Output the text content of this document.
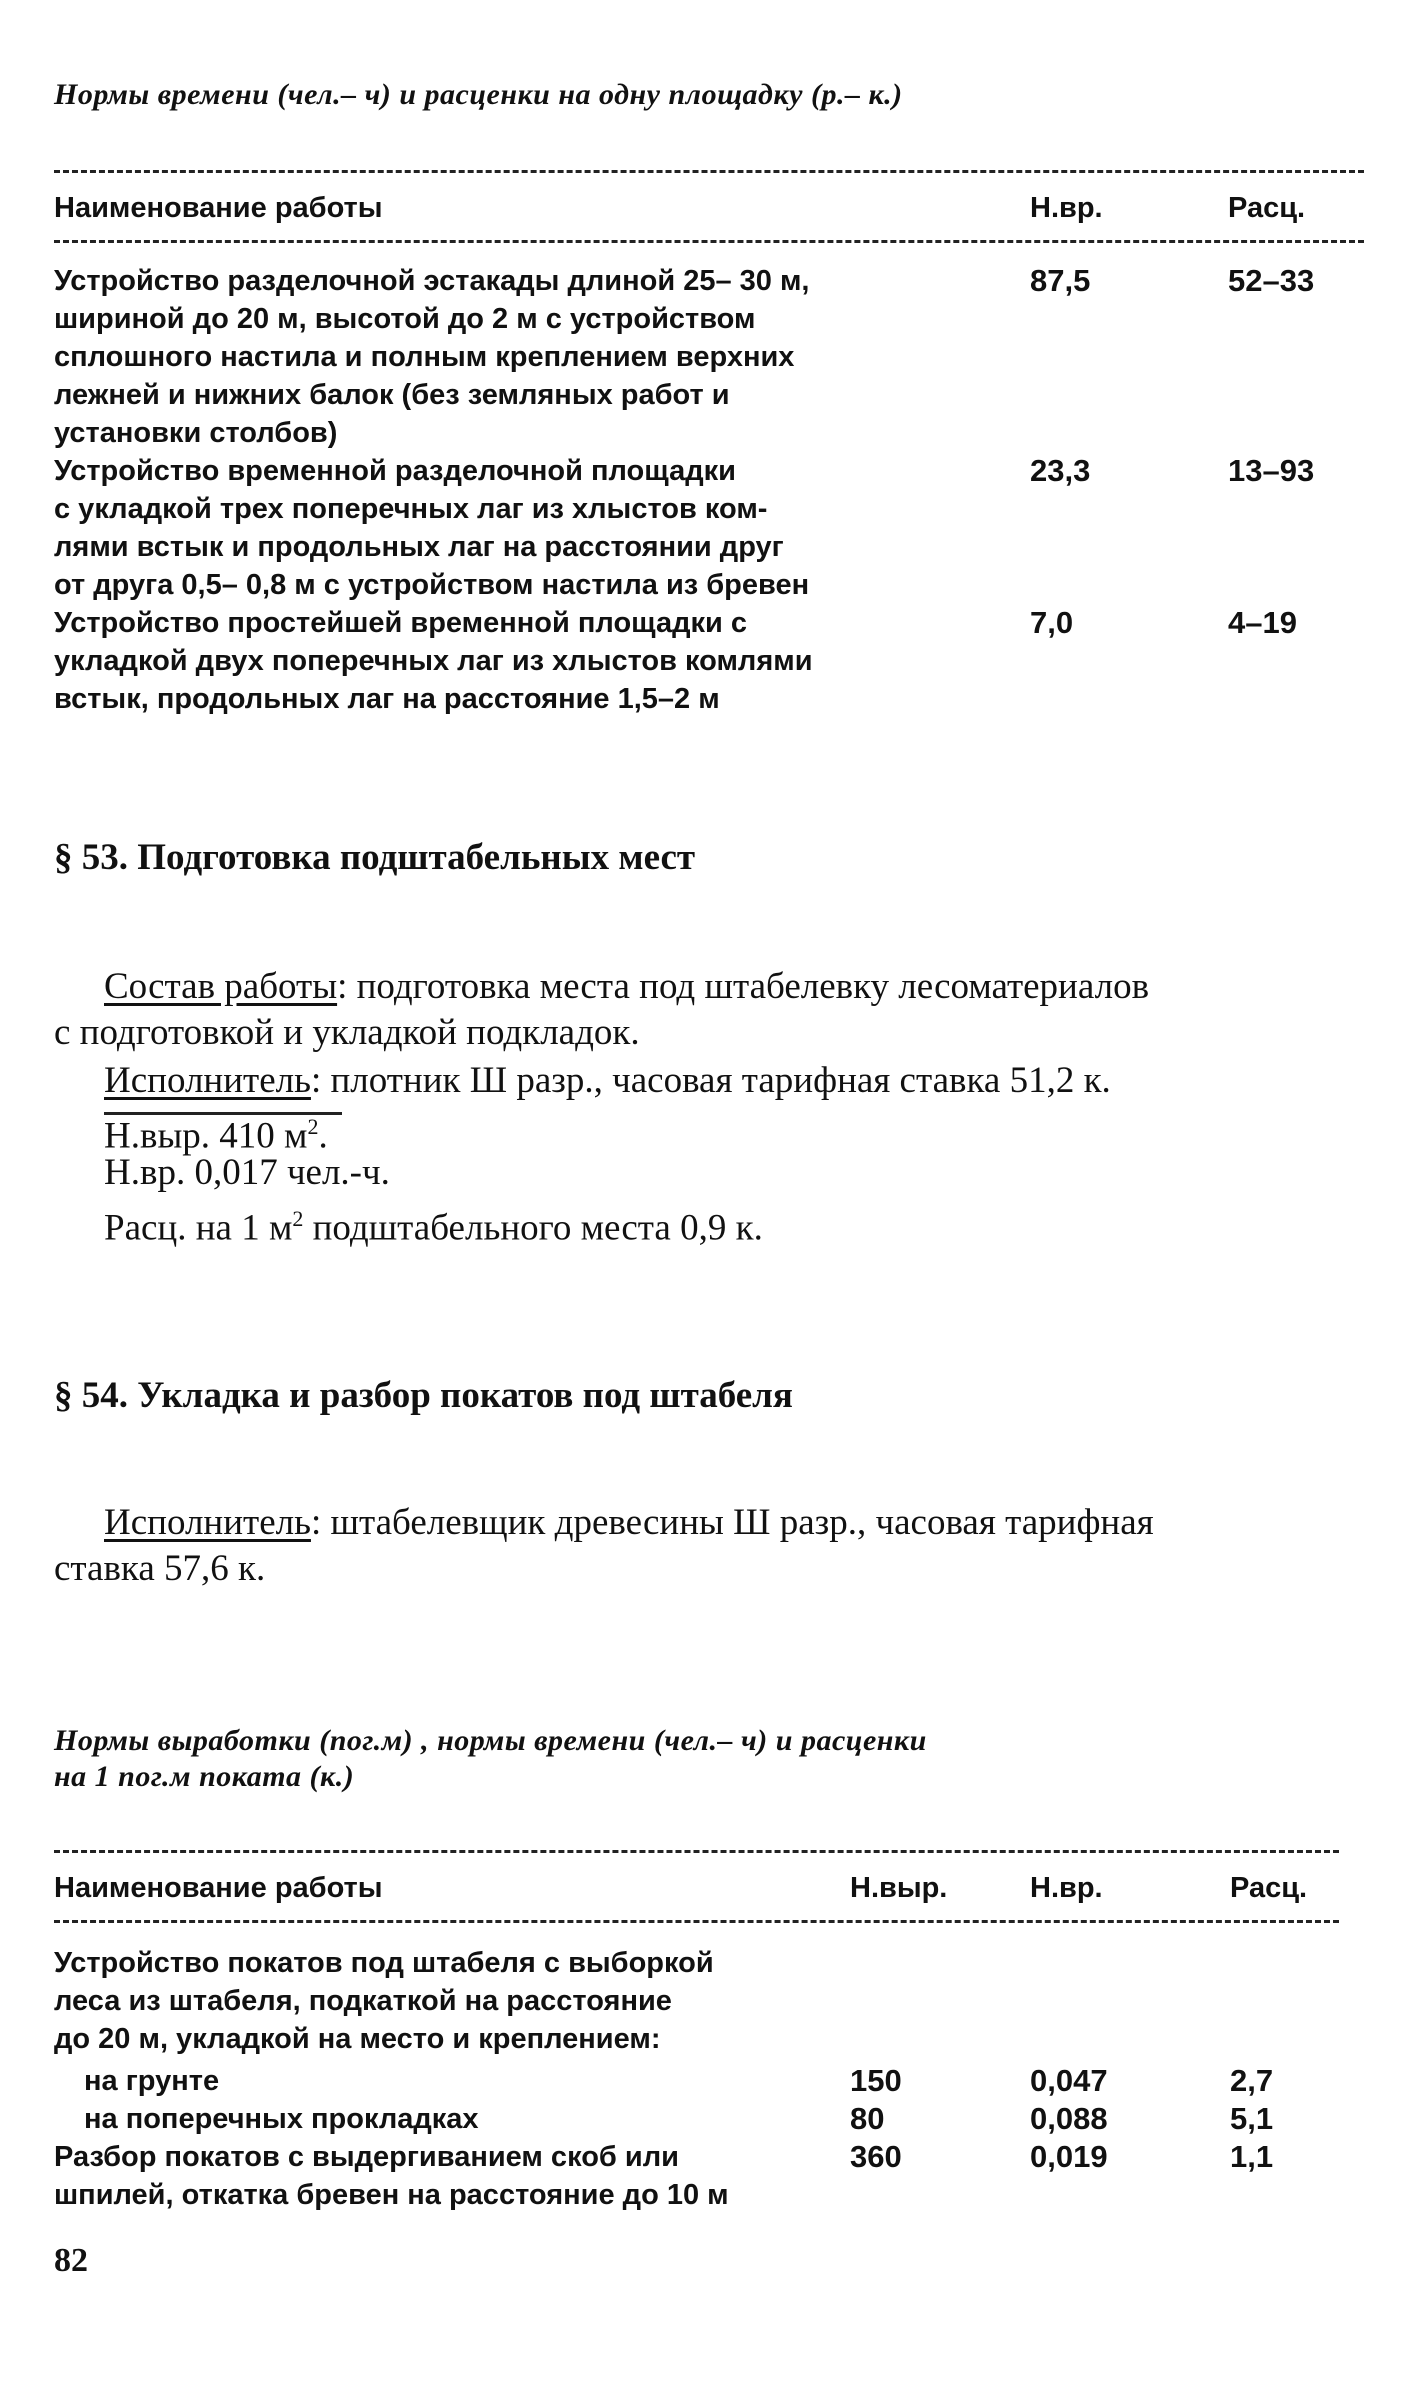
Нормы времени (чел.– ч) и расценки на одну площадку (р.– к.)
Наименование работы	Н.вр.	Расц.
Устройство разделочной эстакады длиной 25– 30 м,
шириной до 20 м, высотой до 2 м с устройством
сплошного настила и полным креплением верхних
лежней и нижних балок (без земляных работ и
установки столбов)
87,5	52–33
Устройство временной разделочной площадки
с укладкой трех поперечных лаг из хлыстов ком-
лями встык и продольных лаг на расстоянии друг
от друга 0,5– 0,8 м с устройством настила из бревен
23,3	13–93
Устройство простейшей временной площадки с
укладкой двух поперечных лаг из хлыстов комлями
встык, продольных лаг на расстояние 1,5–2 м
7,0	4–19
§ 53. Подготовка подштабельных мест
Состав работы: подготовка места под штабелевку лесоматериалов
с подготовкой и укладкой подкладок.
Исполнитель: плотник Ш разр., часовая тарифная ставка 51,2 к.
Н.выр. 410 $м^2$.
Н.вр. 0,017 чел.-ч.
Расц. на 1 $м^2$ подштабельного места 0,9 к.
§ 54. Укладка и разбор покатов под штабеля
Исполнитель: штабелевщик древесины Ш разр., часовая тарифная
ставка 57,6 к.
Нормы выработки (пог.м) , нормы времени (чел.– ч) и расценки
на 1 пог.м поката (к.)
Наименование работы	Н.выр.	Н.вр.	Расц.
Устройство покатов под штабеля с выборкой
леса из штабеля, подкаткой на расстояние
до 20 м, укладкой на место и креплением:
на грунте	150	0,047	2,7
на поперечных прокладках	80	0,088	5,1
Разбор покатов с выдергиванием скоб или
шпилей, откатка бревен на расстояние до 10 м
360	0,019	1,1
82
